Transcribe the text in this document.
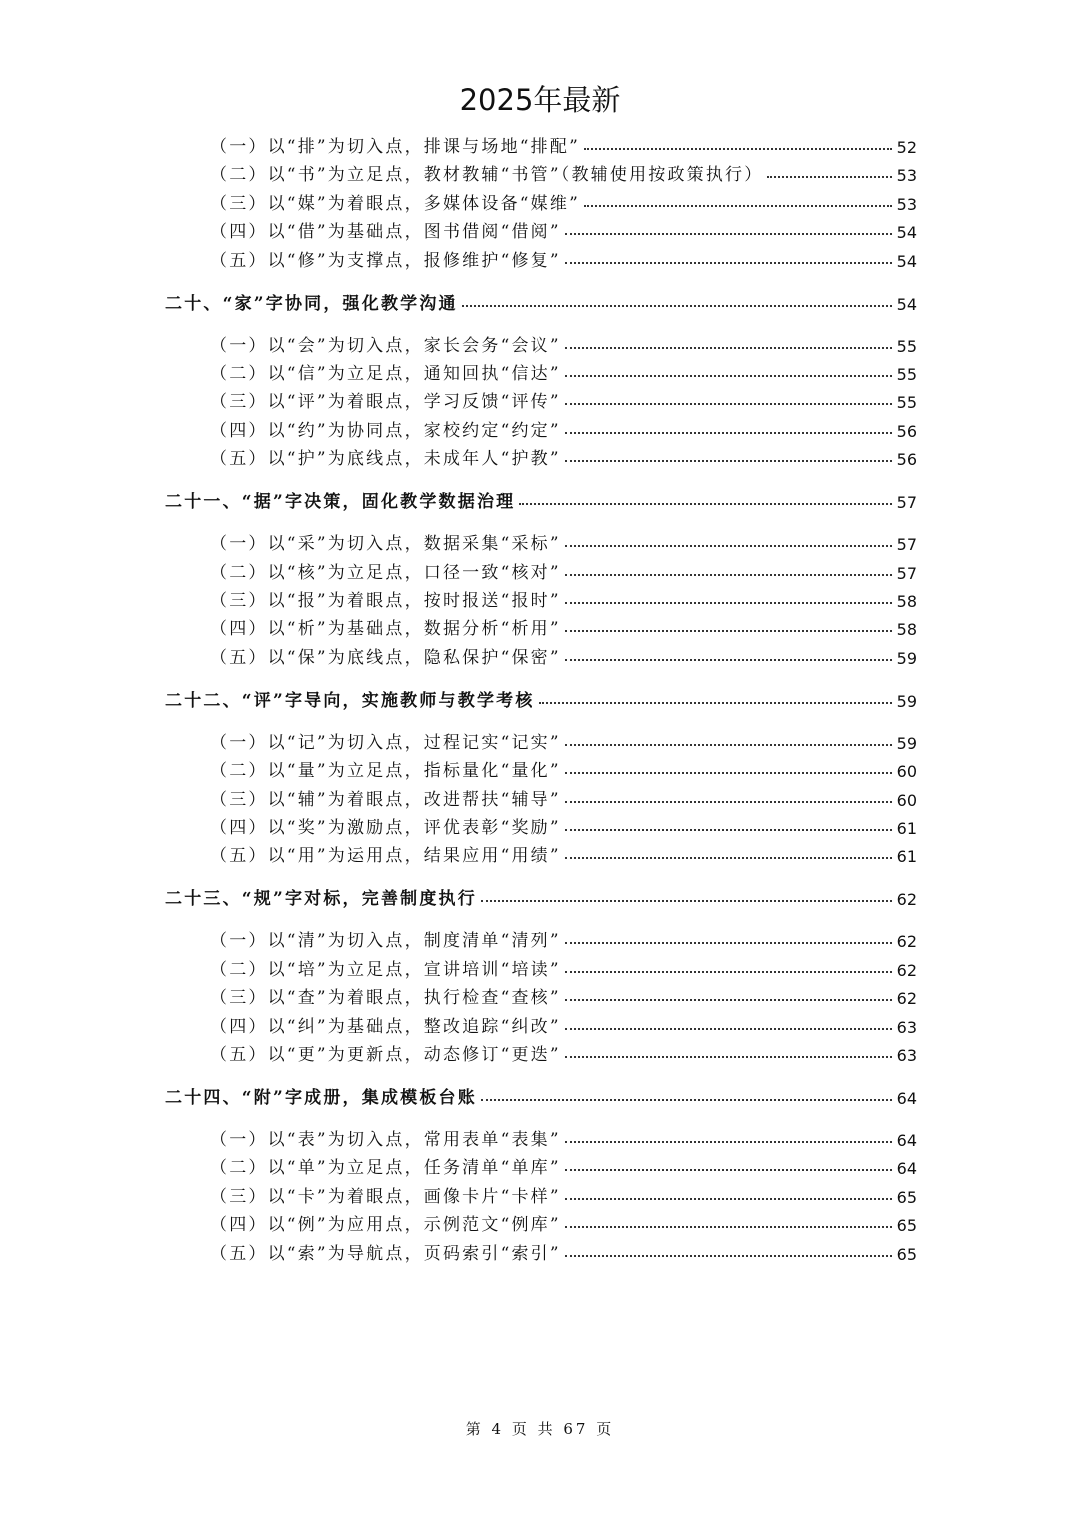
2025年最新
（一）以“排”为切入点，排课与场地“排配”	52
（二）以“书”为立足点，教材教辅“书管”（教辅使用按政策执行）	53
（三）以“媒”为着眼点，多媒体设备“媒维”	53
（四）以“借”为基础点，图书借阅“借阅”	54
（五）以“修”为支撑点，报修维护“修复”	54
二十、“家”字协同，强化教学沟通	54
（一）以“会”为切入点，家长会务“会议”	55
（二）以“信”为立足点，通知回执“信达”	55
（三）以“评”为着眼点，学习反馈“评传”	55
（四）以“约”为协同点，家校约定“约定”	56
（五）以“护”为底线点，未成年人“护教”	56
二十一、“据”字决策，固化教学数据治理	57
（一）以“采”为切入点，数据采集“采标”	57
（二）以“核”为立足点，口径一致“核对”	57
（三）以“报”为着眼点，按时报送“报时”	58
（四）以“析”为基础点，数据分析“析用”	58
（五）以“保”为底线点，隐私保护“保密”	59
二十二、“评”字导向，实施教师与教学考核	59
（一）以“记”为切入点，过程记实“记实”	59
（二）以“量”为立足点，指标量化“量化”	60
（三）以“辅”为着眼点，改进帮扶“辅导”	60
（四）以“奖”为激励点，评优表彰“奖励”	61
（五）以“用”为运用点，结果应用“用绩”	61
二十三、“规”字对标，完善制度执行	62
（一）以“清”为切入点，制度清单“清列”	62
（二）以“培”为立足点，宣讲培训“培读”	62
（三）以“查”为着眼点，执行检查“查核”	62
（四）以“纠”为基础点，整改追踪“纠改”	63
（五）以“更”为更新点，动态修订“更迭”	63
二十四、“附”字成册，集成模板台账	64
（一）以“表”为切入点，常用表单“表集”	64
（二）以“单”为立足点，任务清单“单库”	64
（三）以“卡”为着眼点，画像卡片“卡样”	65
（四）以“例”为应用点，示例范文“例库”	65
（五）以“索”为导航点，页码索引“索引”	65
第 4 页 共 67 页
